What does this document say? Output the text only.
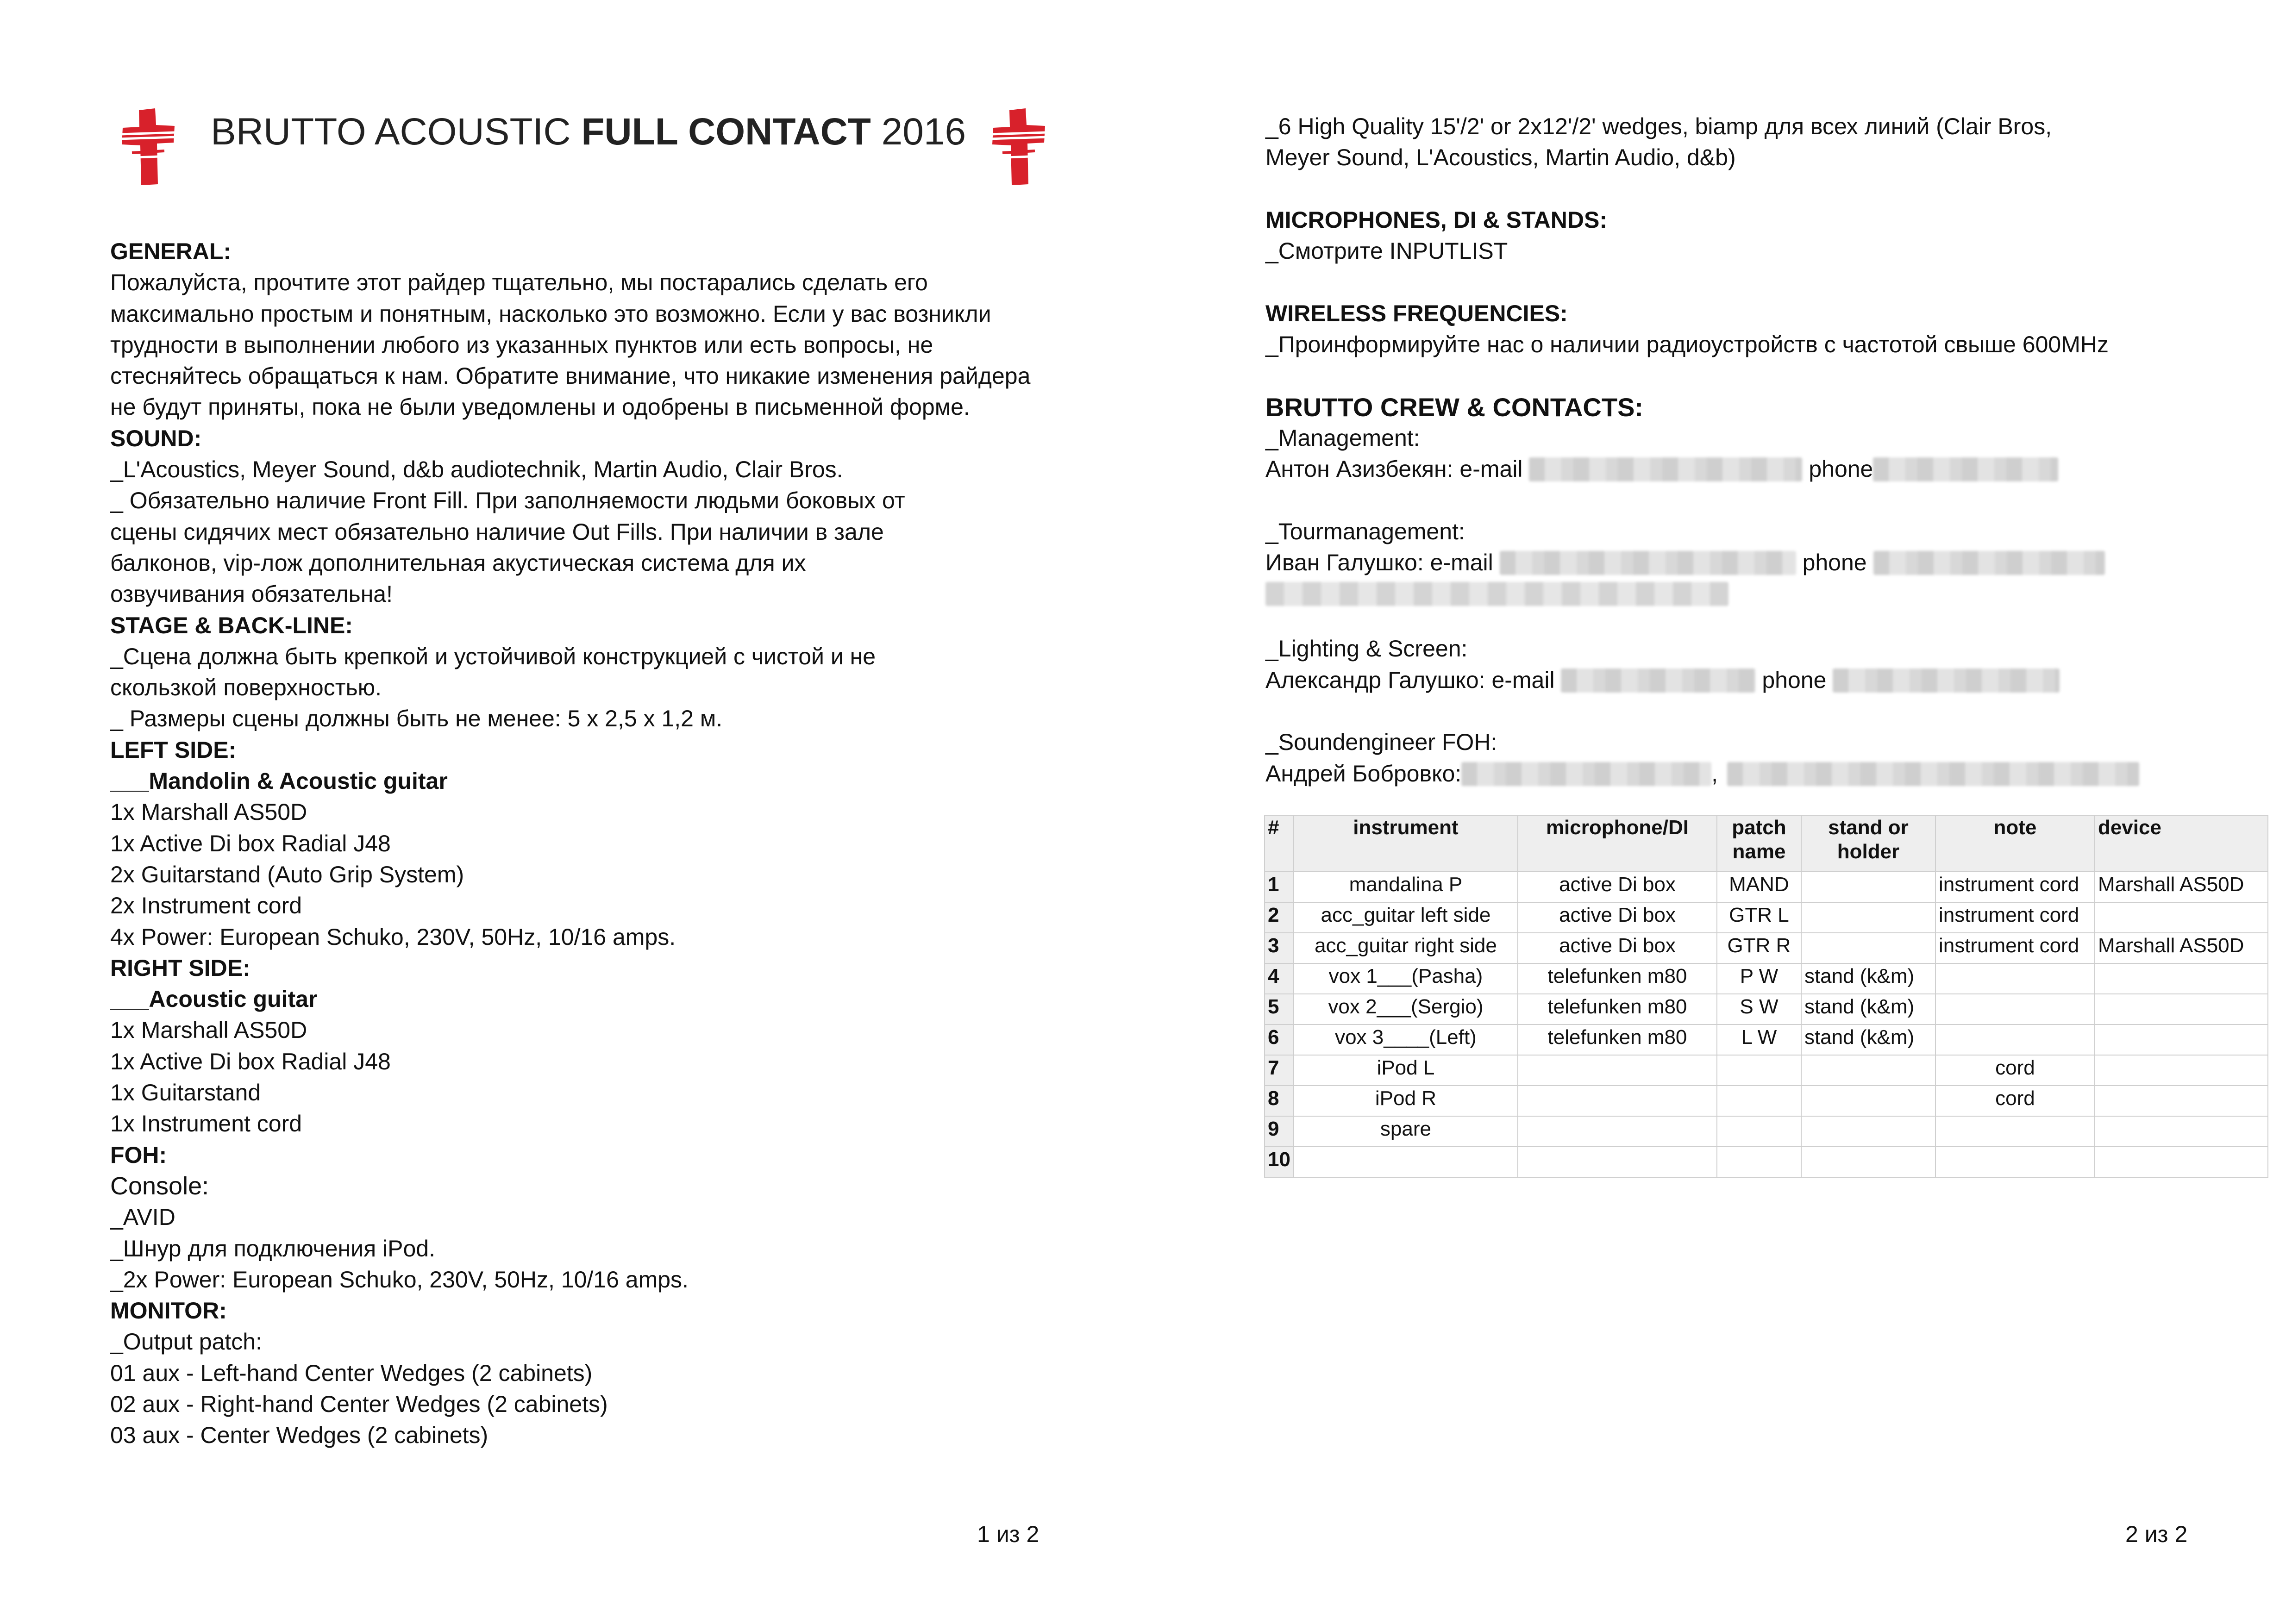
BRUTTO ACOUSTIC FULL CONTACT 2016
GENERAL:
Пожалуйста, прочтите этот райдер тщательно, мы постарались сделать его максимально простым и понятным, насколько это возможно. Если у вас возникли трудности в выполнении любого из указанных пунктов или есть вопросы, не стесняйтесь обращаться к нам. Обратите внимание, что никакие изменения райдера не будут приняты, пока не были уведомлены и одобрены в письменной форме.
SOUND:
_L'Acoustics, Meyer Sound, d&b audiotechnik, Martin Audio, Clair Bros.
_ Обязательно наличие Front Fill. При заполняемости людьми боковых от
сцены сидячих мест обязательно наличие Out Fills. При наличии в зале
балконов, vip-лож дополнительная акустическая система для их
озвучивания обязательна!
STAGE & BACK-LINE:
_Сцена должна быть крепкой и устойчивой конструкцией с чистой и не
скользкой поверхностью.
_ Размеры сцены должны быть не менее: 5 х 2,5 х 1,2 м.
LEFT SIDE:
___Mandolin & Acoustic guitar
1x Marshall AS50D
1x Active Di box Radial J48
2x Guitarstand (Auto Grip System)
2x Instrument cord
4x Power: European Schuko, 230V, 50Hz, 10/16 amps.
RIGHT SIDE:
___Acoustic guitar
1x Marshall AS50D
1x Active Di box Radial J48
1x Guitarstand
1x Instrument cord
FOH:
Console:
_AVID
_Шнур для подключения iPod.
_2x Power: European Schuko, 230V, 50Hz, 10/16 amps.
MONITOR:
_Output patch:
01 aux - Left-hand Center Wedges (2 cabinets)
02 aux - Right-hand Center Wedges (2 cabinets)
03 aux - Center Wedges (2 cabinets)
1 из 2
_6 High Quality 15'/2' or 2x12'/2' wedges, biamp для всех линий (Clair Bros,
Meyer Sound, L'Acoustics, Martin Audio, d&b)
MICROPHONES, DI & STANDS:
_Смотрите INPUTLIST
WIRELESS FREQUENCIES:
_Проинформируйте нас о наличии радиоустройств с частотой свыше 600MHz
BRUTTO CREW & CONTACTS:
_Management:
Антон Азизбекян: e-mail	phone
_Tourmanagement:
Иван Галушко: e-mail	phone
_Lighting & Screen:
Александр Галушко: e-mail	phone
_Soundengineer FOH:
Андрей Бобровко:	,
#	instrument	microphone/DI	patch name	stand or holder	note	device
1	mandalina P	active Di box	MAND		instrument cord	Marshall AS50D
2	acc_guitar left side	active Di box	GTR L		instrument cord	
3	acc_guitar right side	active Di box	GTR R		instrument cord	Marshall AS50D
4	vox 1___(Pasha)	telefunken m80	P W	stand (k&m)		
5	vox 2___(Sergio)	telefunken m80	S W	stand (k&m)		
6	vox 3____(Left)	telefunken m80	L W	stand (k&m)		
7	iPod L				cord	
8	iPod R				cord	
9	spare					
10						
2 из 2
